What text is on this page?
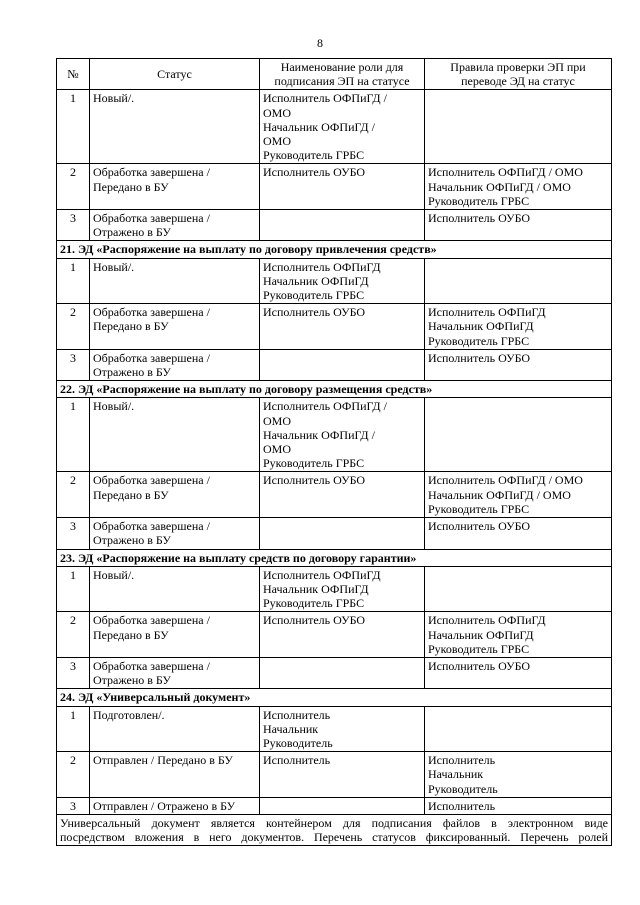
8
№	Статус	Наименование роли для подписания ЭП на статусе	Правила проверки ЭП при переводе ЭД на статус
1	Новый/.	Исполнитель ОФПиГД /
ОМО
Начальник ОФПиГД /
ОМО
Руководитель ГРБС	

2	Обработка завершена /
Передано в БУ	Исполнитель ОУБО	Исполнитель ОФПиГД / ОМО
Начальник ОФПиГД / ОМО
Руководитель ГРБС

3	Обработка завершена /
Отражено в БУ		Исполнитель ОУБО

21. ЭД «Распоряжение на выплату по договору привлечения средств»			
1	Новый/.	Исполнитель ОФПиГД
Начальник ОФПиГД
Руководитель ГРБС	

2	Обработка завершена /
Передано в БУ	Исполнитель ОУБО	Исполнитель ОФПиГД
Начальник ОФПиГД
Руководитель ГРБС

3	Обработка завершена /
Отражено в БУ		Исполнитель ОУБО

22. ЭД «Распоряжение на выплату по договору размещения средств»			
1	Новый/.	Исполнитель ОФПиГД /
ОМО
Начальник ОФПиГД /
ОМО
Руководитель ГРБС	

2	Обработка завершена /
Передано в БУ	Исполнитель ОУБО	Исполнитель ОФПиГД / ОМО
Начальник ОФПиГД / ОМО
Руководитель ГРБС

3	Обработка завершена /
Отражено в БУ		Исполнитель ОУБО

23. ЭД «Распоряжение на выплату средств по договору гарантии»			
1	Новый/.	Исполнитель ОФПиГД
Начальник ОФПиГД
Руководитель ГРБС	

2	Обработка завершена /
Передано в БУ	Исполнитель ОУБО	Исполнитель ОФПиГД
Начальник ОФПиГД
Руководитель ГРБС

3	Обработка завершена /
Отражено в БУ		Исполнитель ОУБО

24. ЭД «Универсальный документ»			
1	Подготовлен/.	Исполнитель
Начальник
Руководитель	

2	Отправлен / Передано в БУ	Исполнитель	Исполнитель
Начальник
Руководитель

3	Отправлен / Отражено в БУ		Исполнитель

Универсальный документ является контейнером для подписания файлов в электронном виде
посредством вложения в него документов. Перечень статусов фиксированный. Перечень ролей			
